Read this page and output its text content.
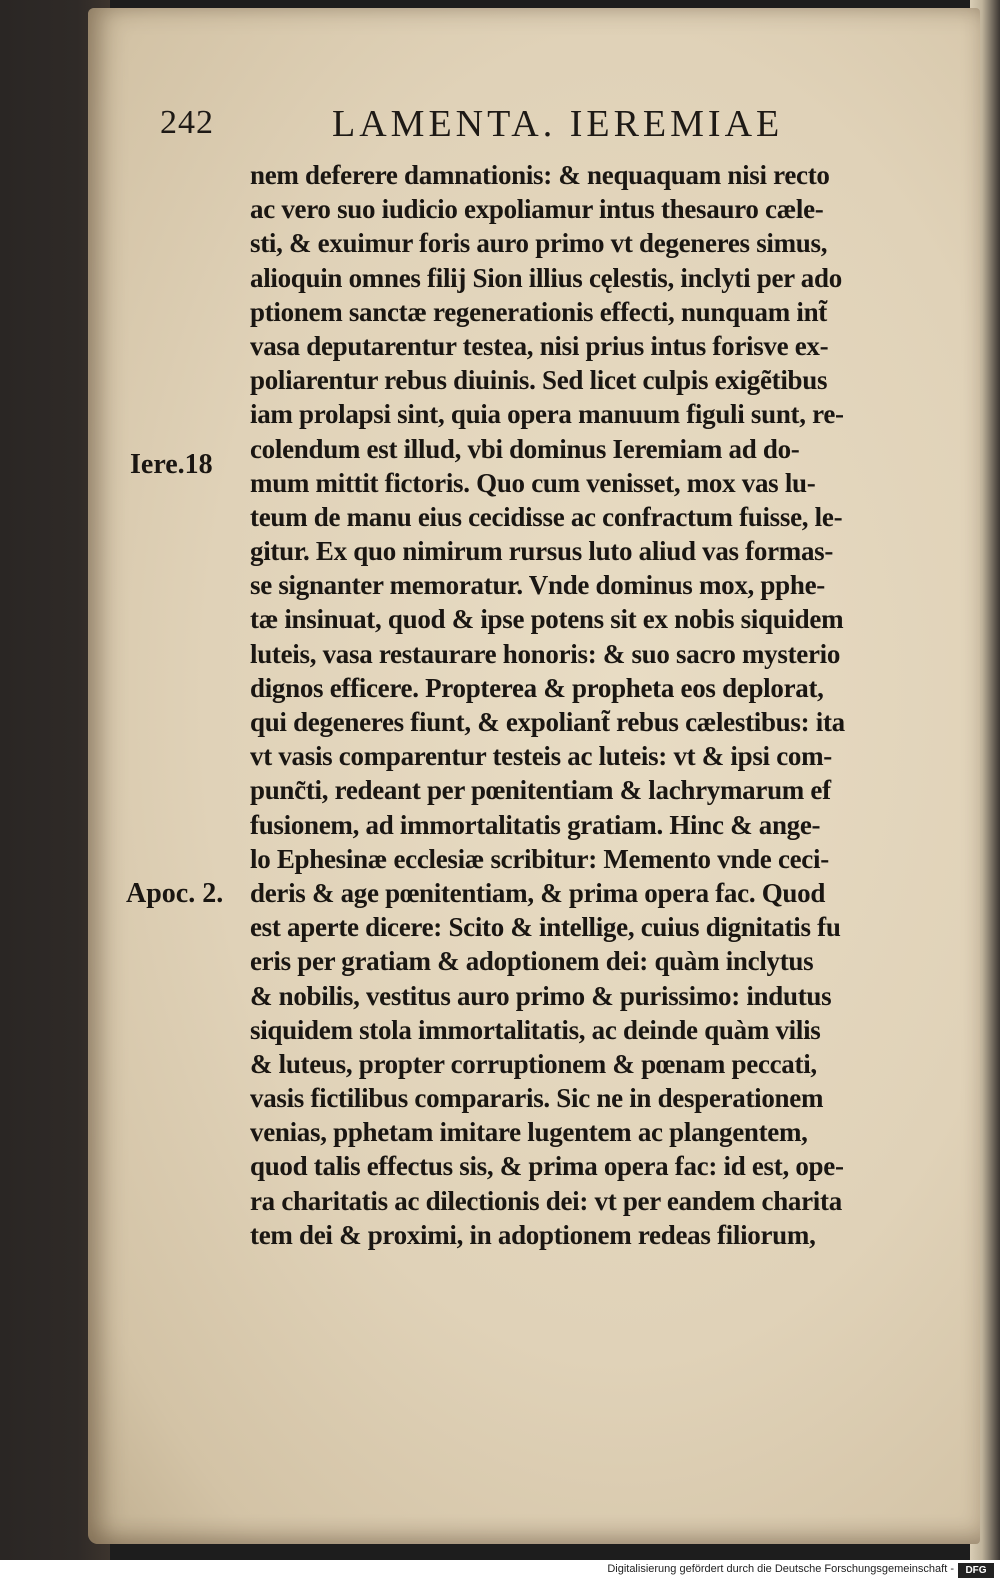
242	LAMENTA. IEREMIAE
Iere.18
Apoc. 2.
nem deferere damnationis: & nequaquam nisi recto
ac vero suo iudicio expoliamur intus thesauro cæle-
sti, & exuimur foris auro primo vt degeneres simus,
alioquin omnes filij Sion illius cęlestis, inclyti per ado
ptionem sanctæ regenerationis effecti, nunquam int̃
vasa deputarentur testea, nisi prius intus forisve ex-
poliarentur rebus diuinis. Sed licet culpis exigẽtibus
iam prolapsi sint, quia opera manuum figuli sunt, re-
colendum est illud, vbi dominus Ieremiam ad do-
mum mittit fictoris. Quo cum venisset, mox vas lu-
teum de manu eius cecidisse ac confractum fuisse, le-
gitur. Ex quo nimirum rursus luto aliud vas formas-
se signanter memoratur. Vnde dominus mox, pphe-
tæ insinuat, quod & ipse potens sit ex nobis siquidem
luteis, vasa restaurare honoris: & suo sacro mysterio
dignos efficere. Propterea & propheta eos deplorat,
qui degeneres fiunt, & expoliant̃ rebus cælestibus: ita
vt vasis comparentur testeis ac luteis: vt & ipsi com-
punc̃ti, redeant per pœnitentiam & lachrymarum ef
fusionem, ad immortalitatis gratiam. Hinc & ange-
lo Ephesinæ ecclesiæ scribitur: Memento vnde ceci-
deris & age pœnitentiam, & prima opera fac. Quod
est aperte dicere: Scito & intellige, cuius dignitatis fu
eris per gratiam & adoptionem dei: quàm inclytus
& nobilis, vestitus auro primo & purissimo: indutus
siquidem stola immortalitatis, ac deinde quàm vilis
& luteus, propter corruptionem & pœnam peccati,
vasis fictilibus compararis. Sic ne in desperationem
venias, pphetam imitare lugentem ac plangentem,
quod talis effectus sis, & prima opera fac: id est, ope-
ra charitatis ac dilectionis dei: vt per eandem charita
tem dei & proximi, in adoptionem redeas filiorum,
Digitalisierung gefördert durch die Deutsche Forschungsgemeinschaft -	DFG
